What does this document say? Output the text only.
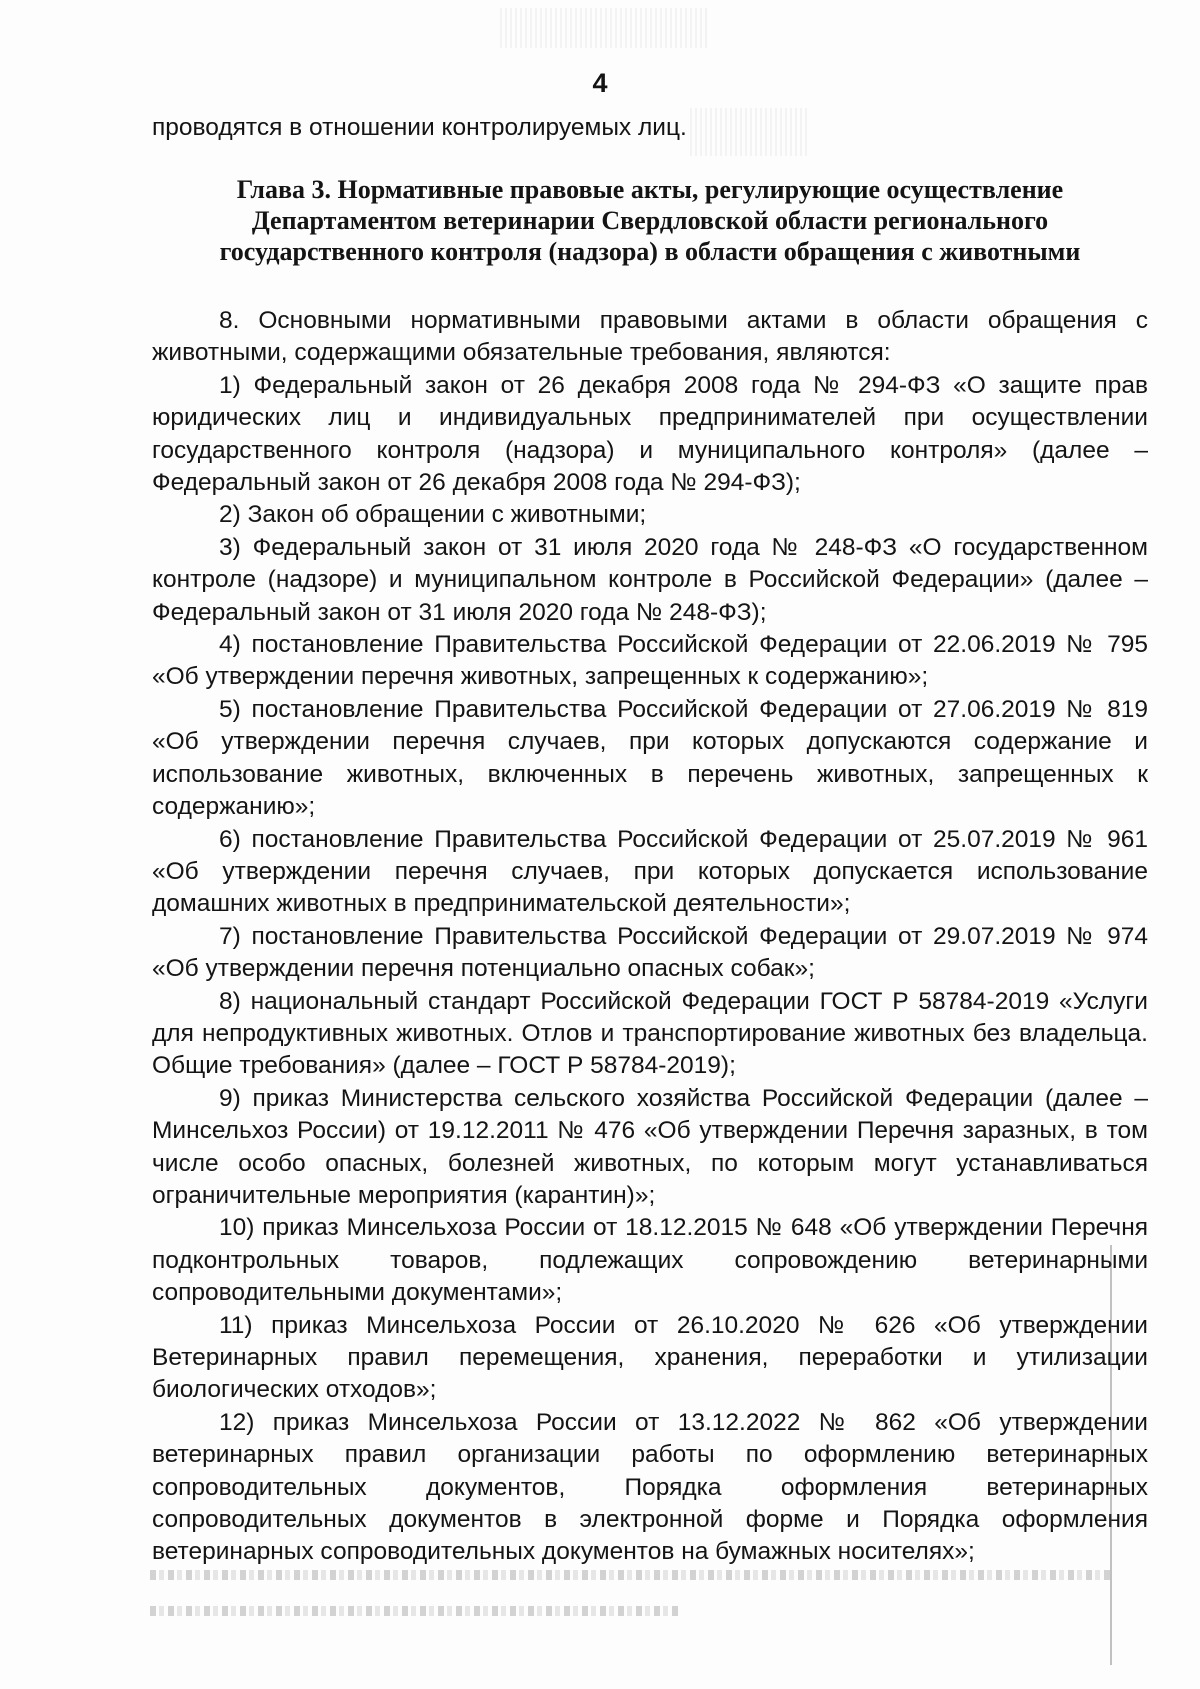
4
проводятся в отношении контролируемых лиц.
Глава 3. Нормативные правовые акты, регулирующие осуществление
Департаментом ветеринарии Свердловской области регионального
государственного контроля (надзора) в области обращения с животными

8. Основными нормативными правовыми актами в области обращения с животными, содержащими обязательные требования, являются:

1) Федеральный закон от 26 декабря 2008 года № 294-ФЗ «О защите прав юридических лиц и индивидуальных предпринимателей при осуществлении государственного контроля (надзора) и муниципального контроля» (далее – Федеральный закон от 26 декабря 2008 года № 294-ФЗ);

2) Закон об обращении с животными;

3) Федеральный закон от 31 июля 2020 года № 248-ФЗ «О государственном контроле (надзоре) и муниципальном контроле в Российской Федерации» (далее – Федеральный закон от 31 июля 2020 года № 248-ФЗ);

4) постановление Правительства Российской Федерации от 22.06.2019 № 795 «Об утверждении перечня животных, запрещенных к содержанию»;

5) постановление Правительства Российской Федерации от 27.06.2019 № 819 «Об утверждении перечня случаев, при которых допускаются содержание и использование животных, включенных в перечень животных, запрещенных к содержанию»;

6) постановление Правительства Российской Федерации от 25.07.2019 № 961 «Об утверждении перечня случаев, при которых допускается использование домашних животных в предпринимательской деятельности»;

7) постановление Правительства Российской Федерации от 29.07.2019 № 974 «Об утверждении перечня потенциально опасных собак»;

8) национальный стандарт Российской Федерации ГОСТ Р 58784-2019 «Услуги для непродуктивных животных. Отлов и транспортирование животных без владельца. Общие требования» (далее – ГОСТ Р 58784-2019);

9) приказ Министерства сельского хозяйства Российской Федерации (далее – Минсельхоз России) от 19.12.2011 № 476 «Об утверждении Перечня заразных, в том числе особо опасных, болезней животных, по которым могут устанавливаться ограничительные мероприятия (карантин)»;

10) приказ Минсельхоза России от 18.12.2015 № 648 «Об утверждении Перечня подконтрольных товаров, подлежащих сопровождению ветеринарными сопроводительными документами»;

11) приказ Минсельхоза России от 26.10.2020 № 626 «Об утверждении Ветеринарных правил перемещения, хранения, переработки и утилизации биологических отходов»;

12) приказ Минсельхоза России от 13.12.2022 № 862 «Об утверждении ветеринарных правил организации работы по оформлению ветеринарных сопроводительных документов, Порядка оформления ветеринарных сопроводительных документов в электронной форме и Порядка оформления ветеринарных сопроводительных документов на бумажных носителях»;
